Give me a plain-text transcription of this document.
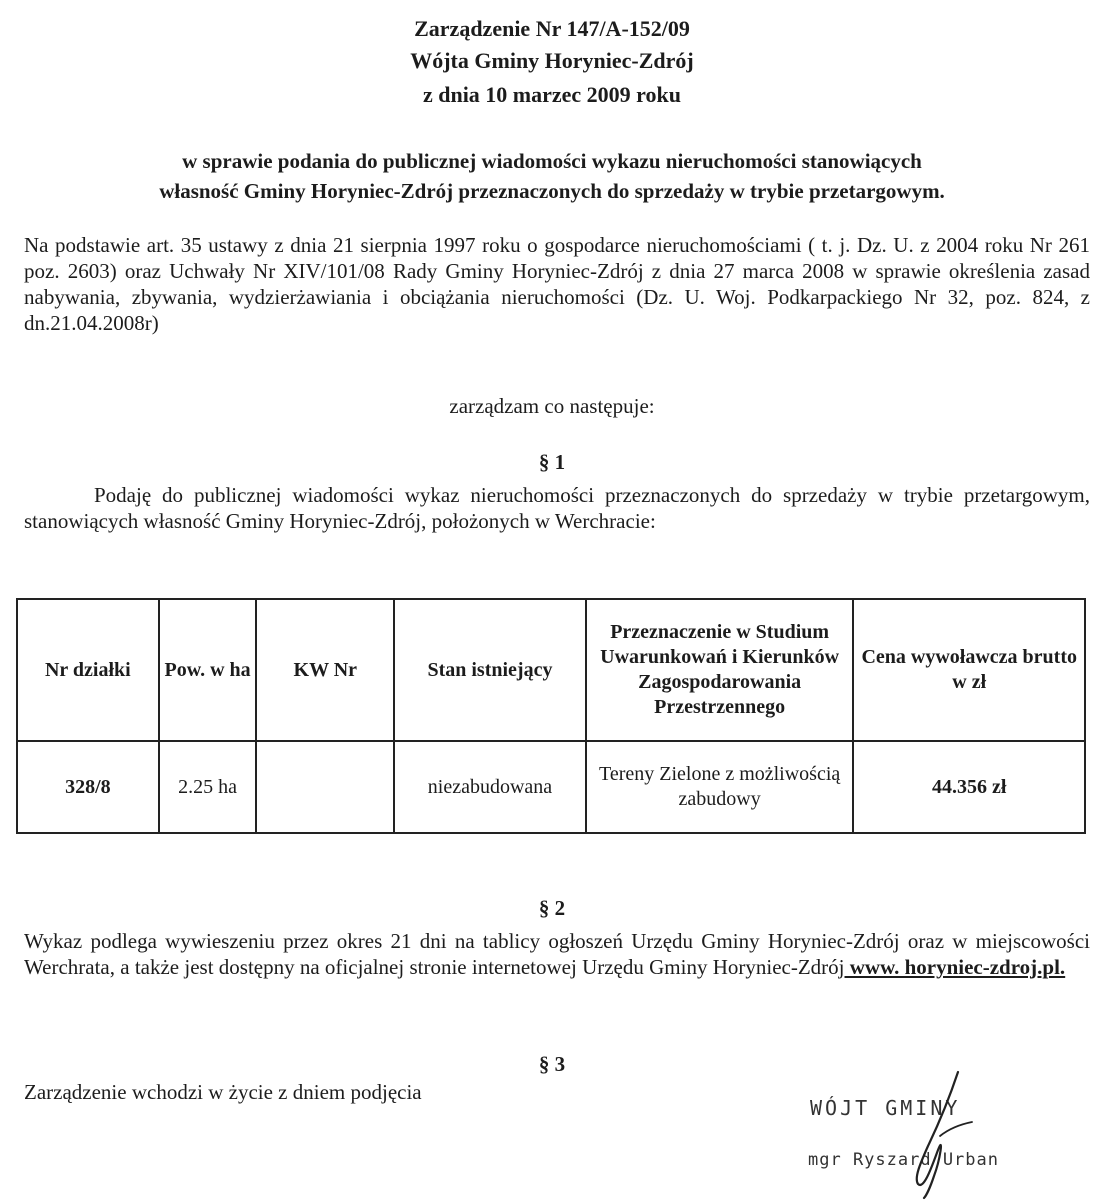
Zarządzenie Nr 147/A-152/09
Wójta Gminy Horyniec-Zdrój
z dnia 10 marzec 2009 roku
w sprawie podania do publicznej wiadomości wykazu nieruchomości stanowiących
własność Gminy Horyniec-Zdrój przeznaczonych do sprzedaży w trybie przetargowym.
Na podstawie art. 35 ustawy z dnia 21 sierpnia 1997 roku o gospodarce nieruchomościami ( t. j. Dz. U. z 2004 roku Nr 261 poz. 2603) oraz Uchwały Nr XIV/101/08 Rady Gminy Horyniec-Zdrój z dnia 27 marca 2008 w sprawie określenia zasad nabywania, zbywania, wydzierżawiania i obciążania nieruchomości (Dz. U. Woj. Podkarpackiego Nr 32, poz. 824, z dn.21.04.2008r)
zarządzam co następuje:
§ 1
Podaję do publicznej wiadomości wykaz nieruchomości przeznaczonych do sprzedaży w trybie przetargowym, stanowiących własność Gminy Horyniec-Zdrój, położonych w Werchracie:
Nr działki	Pow. w ha	KW Nr	Stan istniejący	Przeznaczenie w Studium Uwarunkowań i Kierunków Zagospodarowania Przestrzennego	Cena wywoławcza brutto w zł
328/8	2.25 ha		niezabudowana	Tereny Zielone z możliwością zabudowy	44.356 zł
§ 2
Wykaz podlega wywieszeniu przez okres 21 dni na tablicy ogłoszeń Urzędu Gminy Horyniec-Zdrój oraz w miejscowości Werchrata, a także jest dostępny na oficjalnej stronie internetowej Urzędu Gminy Horyniec-Zdrój www. horyniec-zdroj.pl.
§ 3
Zarządzenie wchodzi w życie z dniem podjęcia
WÓJT GMINY
mgr Ryszard Urban
